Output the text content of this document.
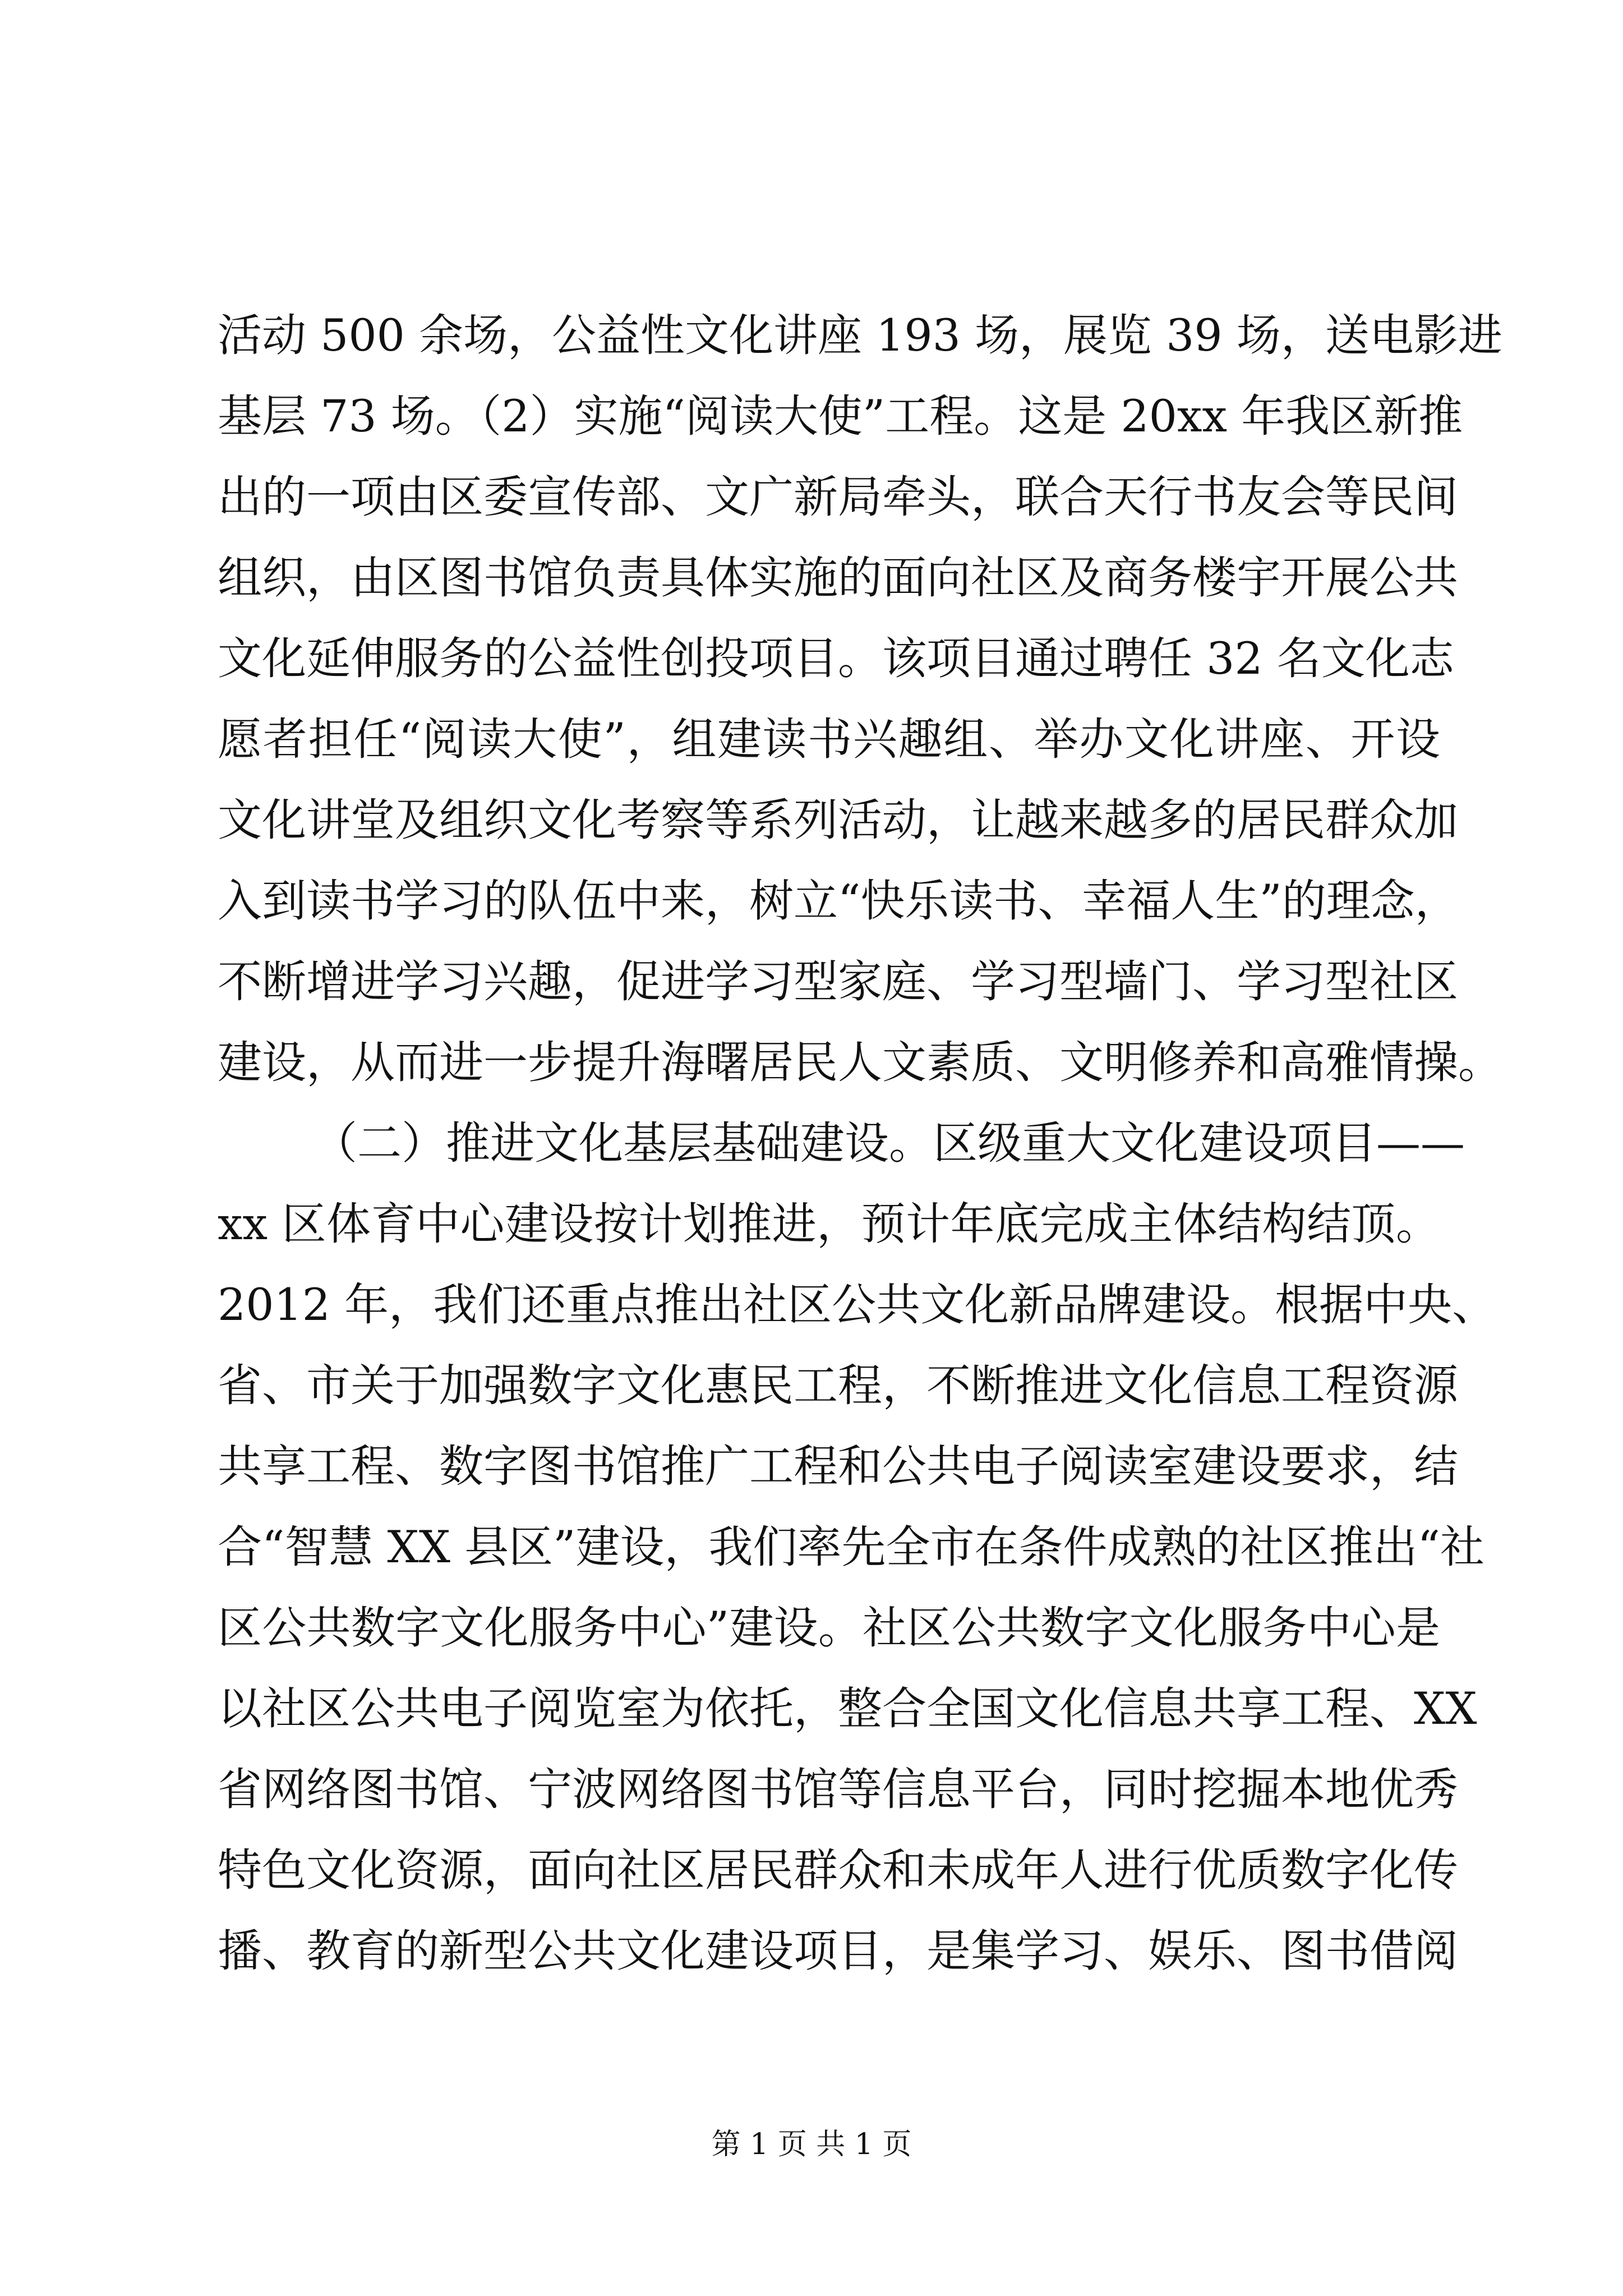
活动 500 余场，公益性文化讲座 193 场，展览 39 场，送电影进
基层 73 场。（2）实施“阅读大使”工程。这是 20xx 年我区新推
出的一项由区委宣传部、文广新局牵头，联合天行书友会等民间
组织，由区图书馆负责具体实施的面向社区及商务楼宇开展公共
文化延伸服务的公益性创投项目。该项目通过聘任 32 名文化志
愿者担任“阅读大使”，组建读书兴趣组、举办文化讲座、开设
文化讲堂及组织文化考察等系列活动，让越来越多的居民群众加
入到读书学习的队伍中来，树立“快乐读书、幸福人生”的理念，
不断增进学习兴趣，促进学习型家庭、学习型墙门、学习型社区
建设，从而进一步提升海曙居民人文素质、文明修养和高雅情操。
（二）推进文化基层基础建设。区级重大文化建设项目——
xx 区体育中心建设按计划推进，预计年底完成主体结构结顶。
2012 年，我们还重点推出社区公共文化新品牌建设。根据中央、
省、市关于加强数字文化惠民工程，不断推进文化信息工程资源
共享工程、数字图书馆推广工程和公共电子阅读室建设要求，结
合“智慧 XX 县区”建设，我们率先全市在条件成熟的社区推出“社
区公共数字文化服务中心”建设。社区公共数字文化服务中心是
以社区公共电子阅览室为依托，整合全国文化信息共享工程、XX
省网络图书馆、宁波网络图书馆等信息平台，同时挖掘本地优秀
特色文化资源，面向社区居民群众和未成年人进行优质数字化传
播、教育的新型公共文化建设项目，是集学习、娱乐、图书借阅
第 1 页 共 1 页
